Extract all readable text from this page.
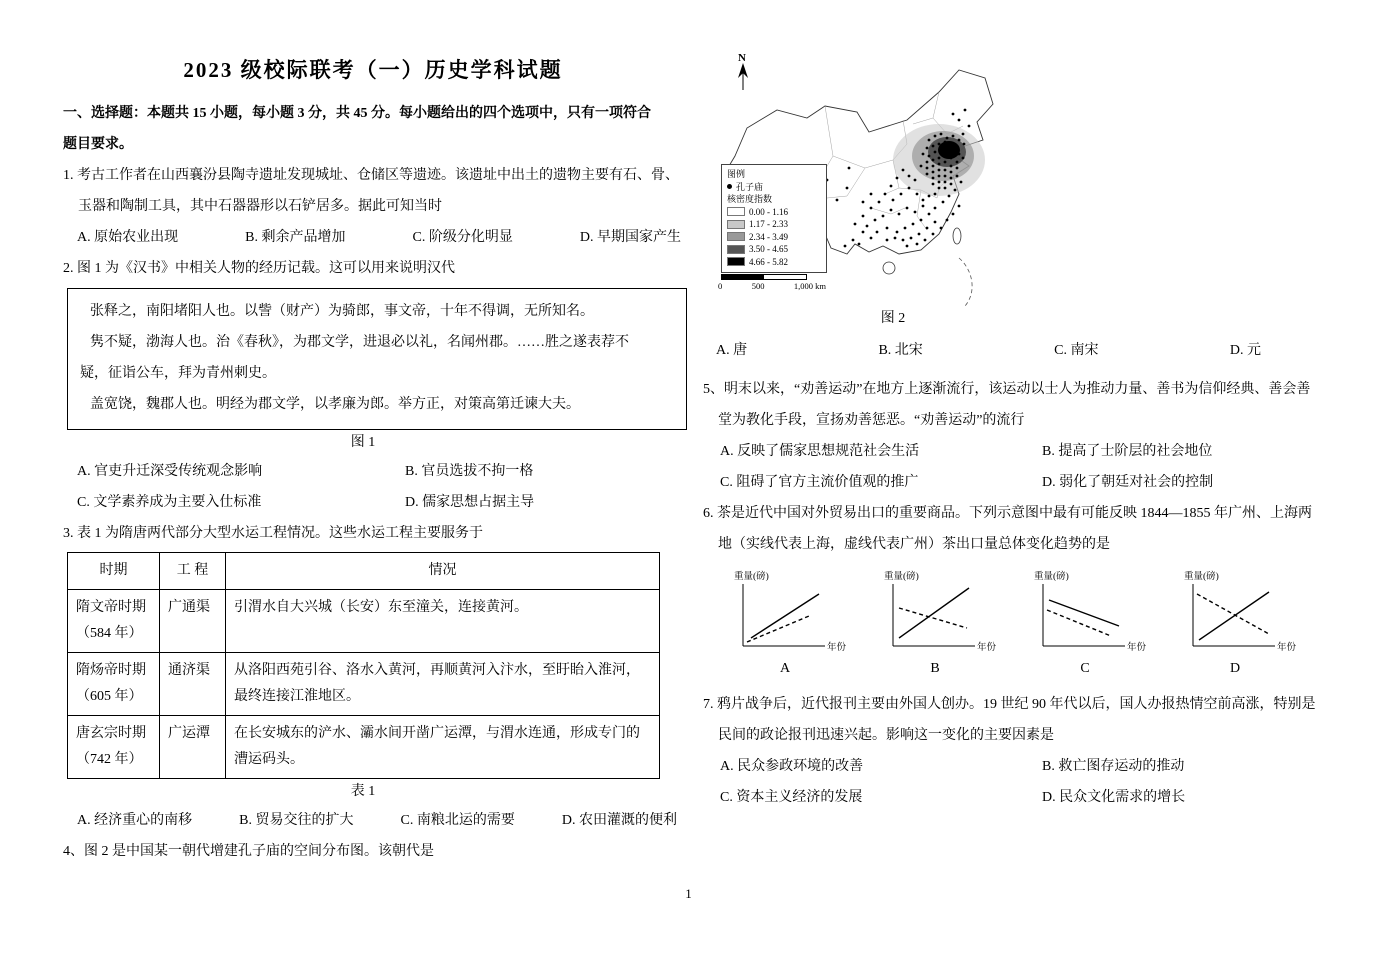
2023 级校际联考（一）历史学科试题
一、选择题：本题共 15 小题，每小题 3 分，共 45 分。每小题给出的四个选项中，只有一项符合
题目要求。
1. 考古工作者在山西襄汾县陶寺遗址发现城址、仓储区等遗迹。该遗址中出土的遗物主要有石、骨、
玉器和陶制工具，其中石器器形以石铲居多。据此可知当时
A. 原始农业出现	B. 剩余产品增加	C. 阶级分化明显	D. 早期国家产生
2. 图 1 为《汉书》中相关人物的经历记载。这可以用来说明汉代
张释之，南阳堵阳人也。以訾（财产）为骑郎，事文帝，十年不得调，无所知名。
隽不疑，渤海人也。治《春秋》，为郡文学，进退必以礼，名闻州郡。……胜之遂表荐不
疑，征诣公车，拜为青州刺史。
盖宽饶，魏郡人也。明经为郡文学，以孝廉为郎。举方正，对策高第迁谏大夫。
图 1
A. 官吏升迁深受传统观念影响	B. 官员选拔不拘一格
C. 文学素养成为主要入仕标准	D. 儒家思想占据主导
3. 表 1 为隋唐两代部分大型水运工程情况。这些水运工程主要服务于
时期	工 程	情况

隋文帝时期
（584 年）	广通渠	引渭水自大兴城（长安）东至潼关，连接黄河。

隋炀帝时期
（605 年）	通济渠	从洛阳西苑引谷、洛水入黄河，再顺黄河入汴水，至盱眙入淮河，最终连接江淮地区。

唐玄宗时期
（742 年）	广运潭	在长安城东的浐水、灞水间开凿广运潭，与渭水连通，形成专门的漕运码头。
表 1
A. 经济重心的南移	B. 贸易交往的扩大	C. 南粮北运的需要	D. 农田灌溉的便利
4、图 2 是中国某一朝代增建孔子庙的空间分布图。该朝代是
N
图例
孔子庙
核密度指数
0.00 - 1.16
1.17 - 2.33
2.34 - 3.49
3.50 - 4.65
4.66 - 5.82
0	500	1,000 km
图 2
A. 唐	B. 北宋	C. 南宋	D. 元
5、明末以来，“劝善运动”在地方上逐渐流行，该运动以士人为推动力量、善书为信仰经典、善会善
堂为教化手段，宣扬劝善惩恶。“劝善运动”的流行
A. 反映了儒家思想规范社会生活	B. 提高了士阶层的社会地位
C. 阻碍了官方主流价值观的推广	D. 弱化了朝廷对社会的控制
6. 茶是近代中国对外贸易出口的重要商品。下列示意图中最有可能反映 1844—1855 年广州、上海两
地（实线代表上海，虚线代表广州）茶出口量总体变化趋势的是
重量(磅)
年份
A
重量(磅)
年份
B
重量(磅)
年份
C
重量(磅)
年份
D
7. 鸦片战争后，近代报刊主要由外国人创办。19 世纪 90 年代以后，国人办报热情空前高涨，特别是
民间的政论报刊迅速兴起。影响这一变化的主要因素是
A. 民众参政环境的改善	B. 救亡图存运动的推动
C. 资本主义经济的发展	D. 民众文化需求的增长
1
